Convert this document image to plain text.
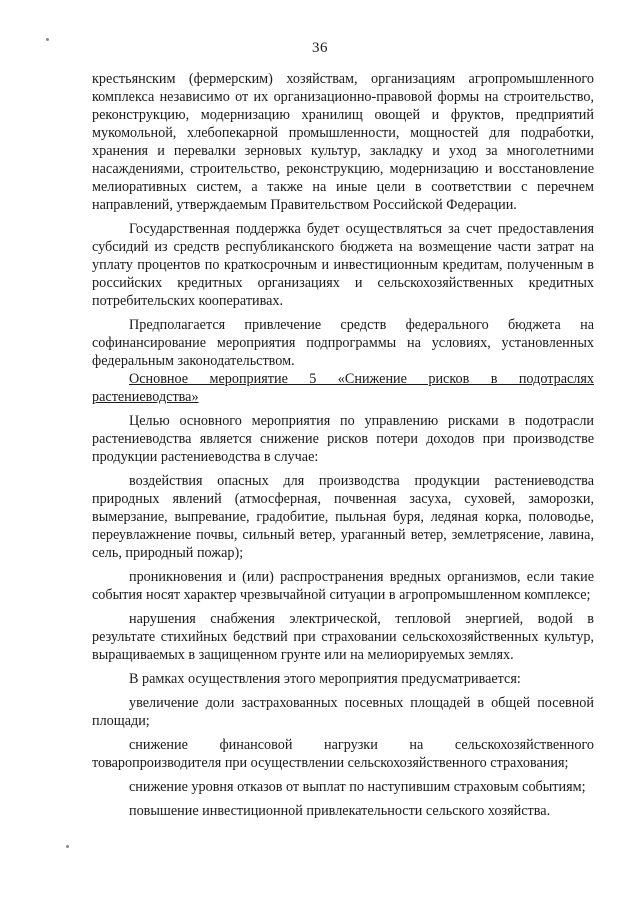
36

крестьянским (фермерским) хозяйствам, организациям агропромышленного комплекса независимо от их организационно-правовой формы на строительство, реконструкцию, модернизацию хранилищ овощей и фруктов, предприятий мукомольной, хлебопекарной промышленности, мощностей для подработки, хранения и перевалки зерновых культур, закладку и уход за многолетними насаждениями, строительство, реконструкцию, модернизацию и восстановление мелиоративных систем, а также на иные цели в соответствии с перечнем направлений, утверждаемым Правительством Российской Федерации.

Государственная поддержка будет осуществляться за счет предоставления субсидий из средств республиканского бюджета на возмещение части затрат на уплату процентов по краткосрочным и инвестиционным кредитам, полученным в российских кредитных организациях и сельскохозяйственных кредитных потребительских кооперативах.

Предполагается привлечение средств федерального бюджета на софинансирование мероприятия подпрограммы на условиях, установленных федеральным законодательством.

Основное мероприятие 5 «Снижение рисков в подотраслях растениеводства»

Целью основного мероприятия по управлению рисками в подотрасли растениеводства является снижение рисков потери доходов при производстве продукции растениеводства в случае:

воздействия опасных для производства продукции растениеводства природных явлений (атмосферная, почвенная засуха, суховей, заморозки, вымерзание, выпревание, градобитие, пыльная буря, ледяная корка, половодье, переувлажнение почвы, сильный ветер, ураганный ветер, землетрясение, лавина, сель, природный пожар);

проникновения и (или) распространения вредных организмов, если такие события носят характер чрезвычайной ситуации в агропромышленном комплексе;

нарушения снабжения электрической, тепловой энергией, водой в результате стихийных бедствий при страховании сельскохозяйственных культур, выращиваемых в защищенном грунте или на мелиорируемых землях.

В рамках осуществления этого мероприятия предусматривается:

увеличение доли застрахованных посевных площадей в общей посевной площади;

снижение финансовой нагрузки на сельскохозяйственного товаропроизводителя при осуществлении сельскохозяйственного страхования;

снижение уровня отказов от выплат по наступившим страховым событиям;

повышение инвестиционной привлекательности сельского хозяйства.
